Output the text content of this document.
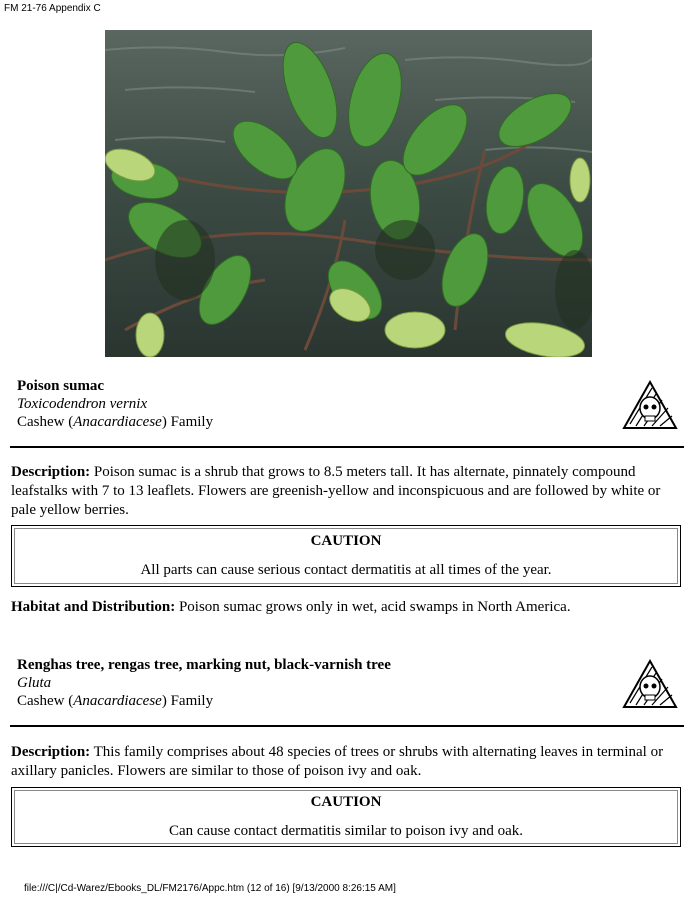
FM 21-76 Appendix C
Poison sumac
Toxicodendron vernix
Cashew (Anacardiacese) Family
Description: Poison sumac is a shrub that grows to 8.5 meters tall. It has alternate, pinnately compound leafstalks with 7 to 13 leaflets. Flowers are greenish-yellow and inconspicuous and are followed by white or pale yellow berries.
CAUTION
All parts can cause serious contact dermatitis at all times of the year.
Habitat and Distribution: Poison sumac grows only in wet, acid swamps in North America.
Renghas tree, rengas tree, marking nut, black-varnish tree
Gluta
Cashew (Anacardiacese) Family
Description: This family comprises about 48 species of trees or shrubs with alternating leaves in terminal or axillary panicles. Flowers are similar to those of poison ivy and oak.
CAUTION
Can cause contact dermatitis similar to poison ivy and oak.
file:///C|/Cd-Warez/Ebooks_DL/FM2176/Appc.htm (12 of 16) [9/13/2000 8:26:15 AM]
